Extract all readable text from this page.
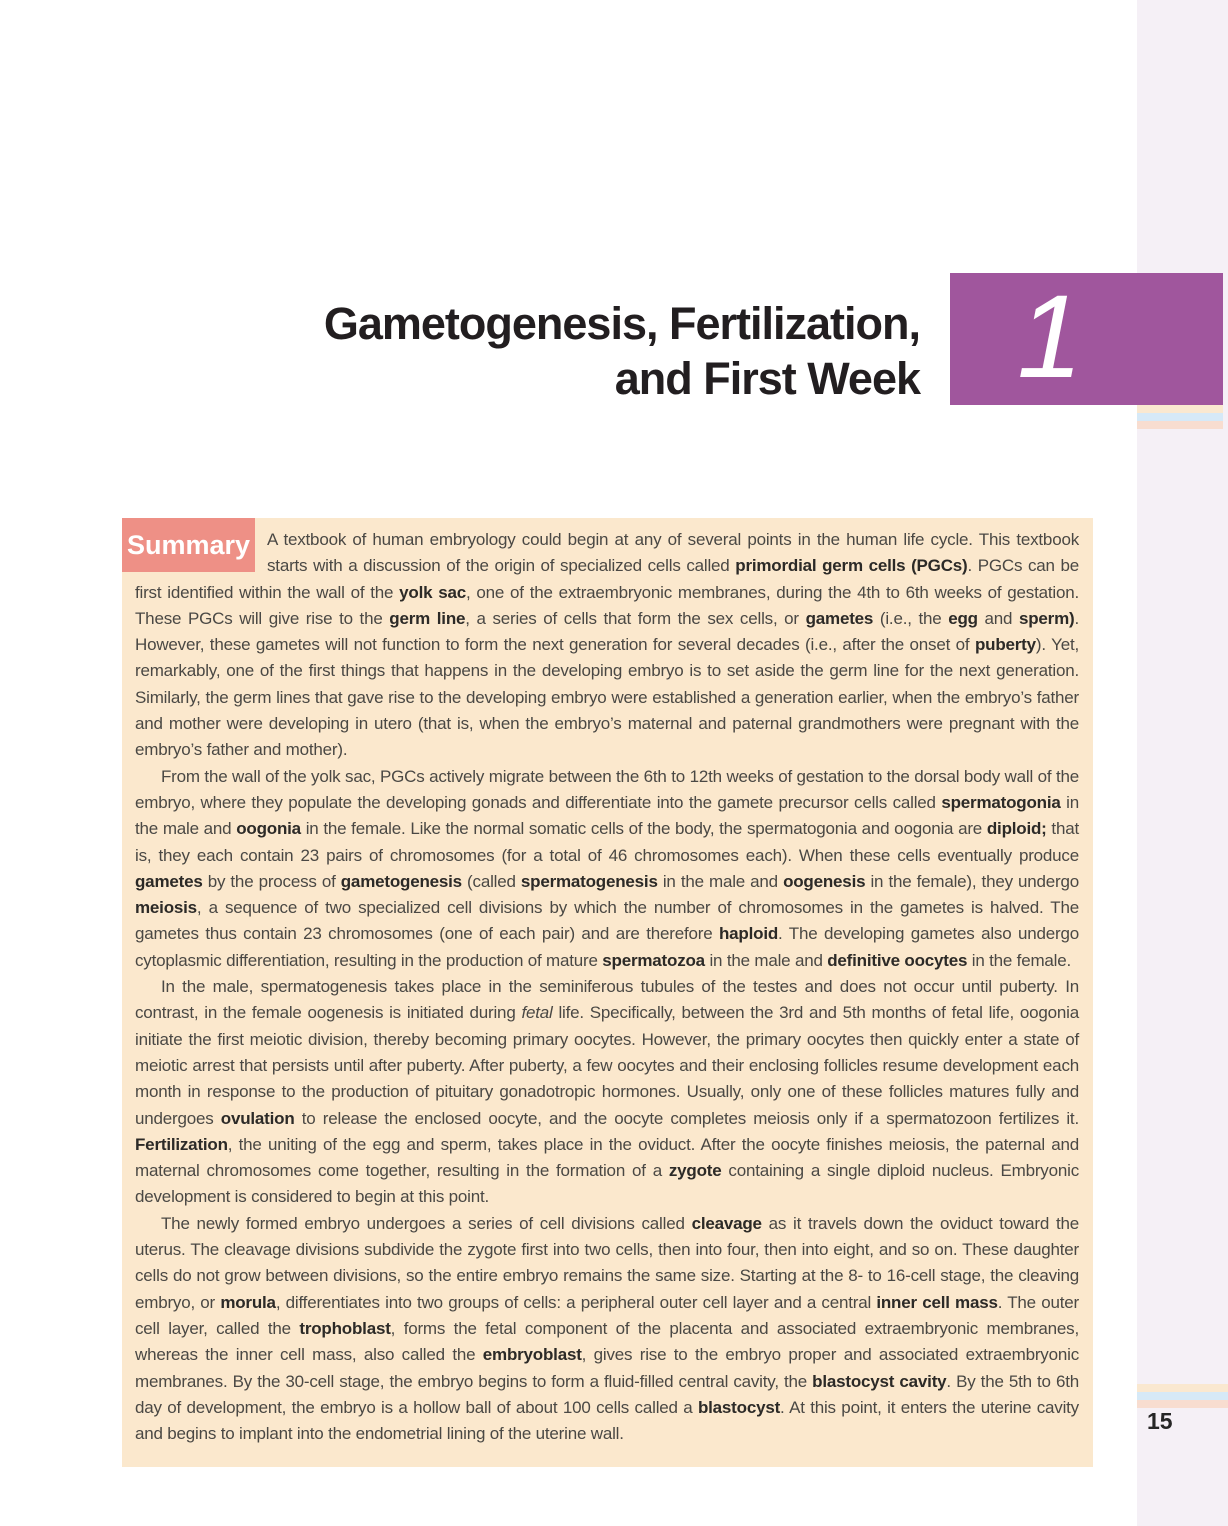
Gametogenesis, Fertilization,
and First Week 1
Summary A textbook of human embryology could begin at any of several points in the human life cycle. This textbook starts with a discussion of the origin of specialized cells called primordial germ cells (PGCs). PGCs can be first identified within the wall of the yolk sac, one of the extraembryonic membranes, during the 4th to 6th weeks of gestation. These PGCs will give rise to the germ line, a series of cells that form the sex cells, or gametes (i.e., the egg and sperm). However, these gametes will not function to form the next generation for several decades (i.e., after the onset of puberty). Yet, remarkably, one of the first things that happens in the developing embryo is to set aside the germ line for the next generation. Similarly, the germ lines that gave rise to the developing embryo were established a generation earlier, when the embryo’s father and mother were developing in utero (that is, when the embryo’s maternal and paternal grandmothers were pregnant with the embryo’s father and mother).

From the wall of the yolk sac, PGCs actively migrate between the 6th to 12th weeks of gestation to the dorsal body wall of the embryo, where they populate the developing gonads and differentiate into the gamete precursor cells called spermatogonia in the male and oogonia in the female. Like the normal somatic cells of the body, the spermatogonia and oogonia are diploid; that is, they each contain 23 pairs of chromosomes (for a total of 46 chromosomes each). When these cells eventually produce gametes by the process of gametogenesis (called spermatogenesis in the male and oogenesis in the female), they undergo meiosis, a sequence of two specialized cell divisions by which the number of chromosomes in the gametes is halved. The gametes thus contain 23 chromosomes (one of each pair) and are therefore haploid. The developing gametes also undergo cytoplasmic differentiation, resulting in the production of mature spermatozoa in the male and definitive oocytes in the female.

In the male, spermatogenesis takes place in the seminiferous tubules of the testes and does not occur until puberty. In contrast, in the female oogenesis is initiated during fetal life. Specifically, between the 3rd and 5th months of fetal life, oogonia initiate the first meiotic division, thereby becoming primary oocytes. However, the primary oocytes then quickly enter a state of meiotic arrest that persists until after puberty. After puberty, a few oocytes and their enclosing follicles resume development each month in response to the production of pituitary gonadotropic hormones. Usually, only one of these follicles matures fully and undergoes ovulation to release the enclosed oocyte, and the oocyte completes meiosis only if a spermatozoon fertilizes it. Fertilization, the uniting of the egg and sperm, takes place in the oviduct. After the oocyte finishes meiosis, the paternal and maternal chromosomes come together, resulting in the formation of a zygote containing a single diploid nucleus. Embryonic development is considered to begin at this point.

The newly formed embryo undergoes a series of cell divisions called cleavage as it travels down the oviduct toward the uterus. The cleavage divisions subdivide the zygote first into two cells, then into four, then into eight, and so on. These daughter cells do not grow between divisions, so the entire embryo remains the same size. Starting at the 8- to 16-cell stage, the cleaving embryo, or morula, differentiates into two groups of cells: a peripheral outer cell layer and a central inner cell mass. The outer cell layer, called the trophoblast, forms the fetal component of the placenta and associated extraembryonic membranes, whereas the inner cell mass, also called the embryoblast, gives rise to the embryo proper and associated extraembryonic membranes. By the 30-cell stage, the embryo begins to form a fluid-filled central cavity, the blastocyst cavity. By the 5th to 6th day of development, the embryo is a hollow ball of about 100 cells called a blastocyst. At this point, it enters the uterine cavity and begins to implant into the endometrial lining of the uterine wall.	15
